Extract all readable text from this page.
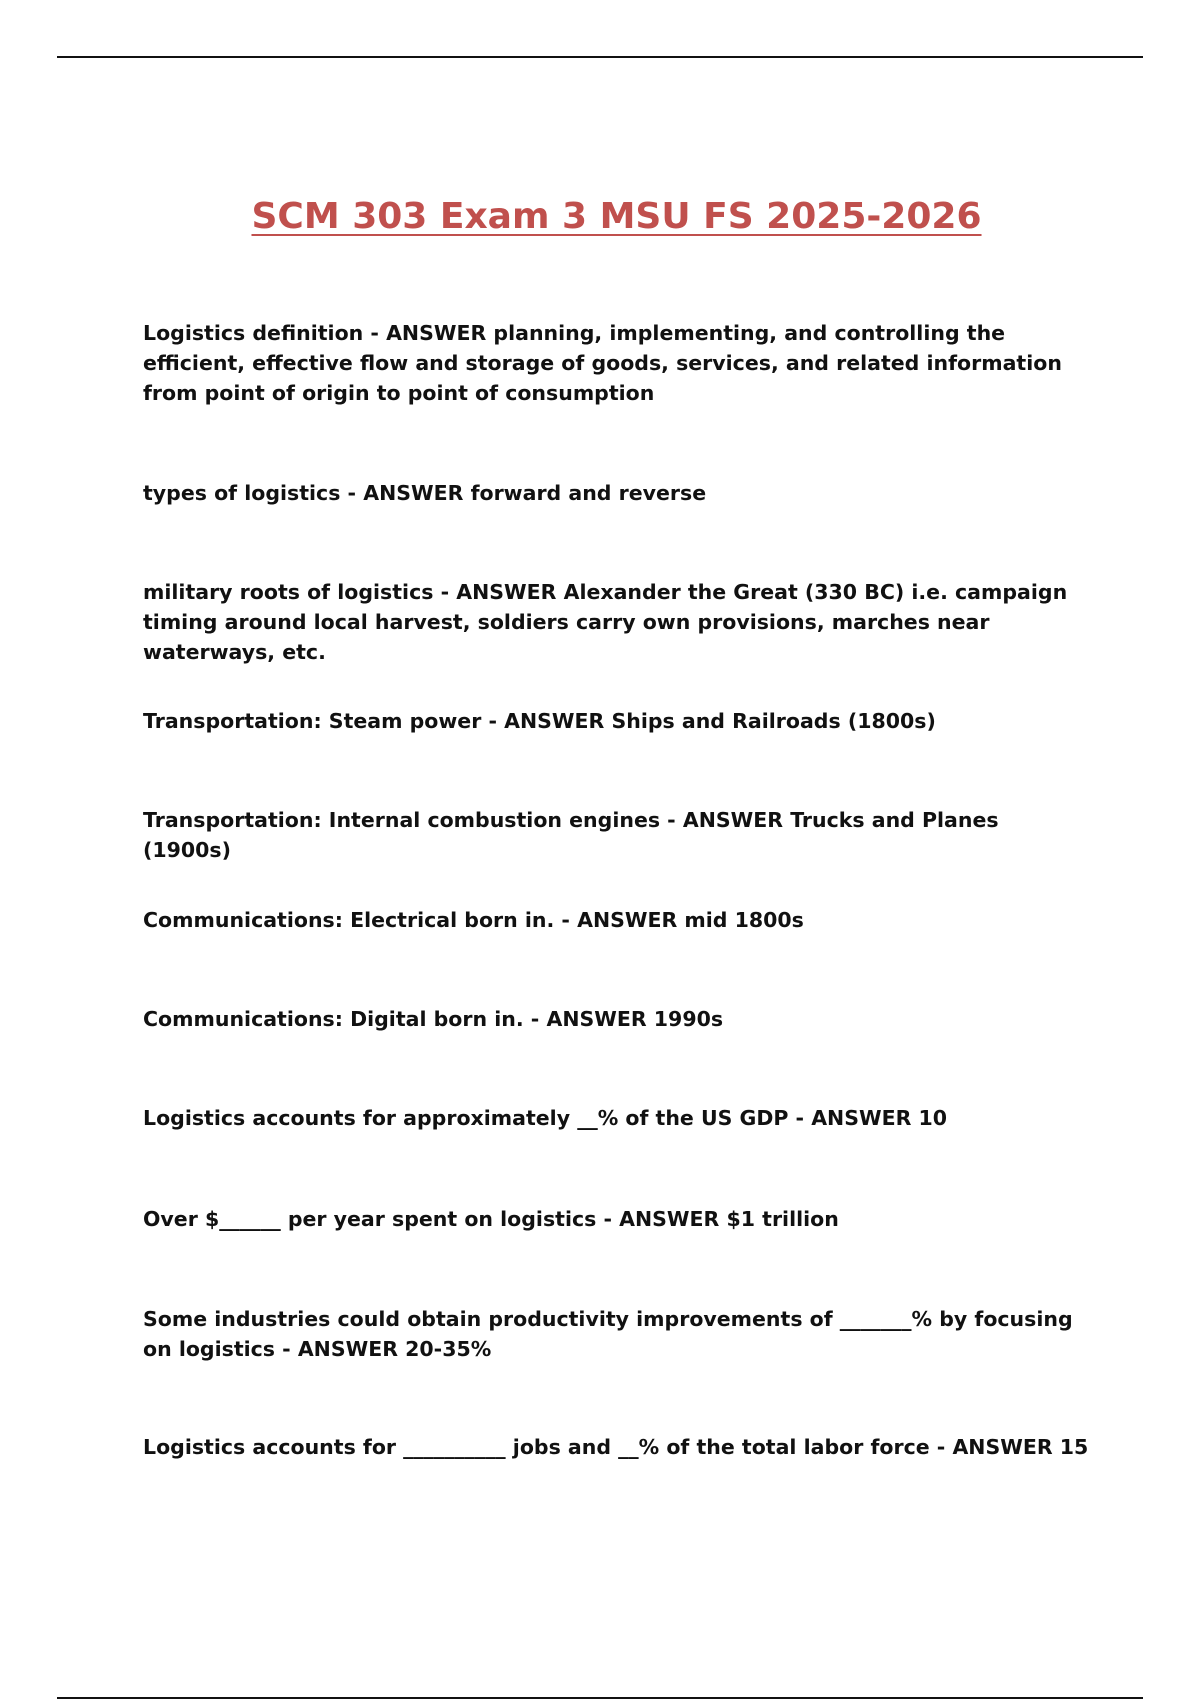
SCM 303 Exam 3 MSU FS 2025-2026

Logistics definition - ANSWER planning, implementing, and controlling the efficient, effective flow and storage of goods, services, and related information from point of origin to point of consumption

types of logistics - ANSWER forward and reverse

military roots of logistics - ANSWER Alexander the Great (330 BC) i.e. campaign timing around local harvest, soldiers carry own provisions, marches near waterways, etc.

Transportation: Steam power - ANSWER Ships and Railroads (1800s)

Transportation: Internal combustion engines - ANSWER Trucks and Planes (1900s)

Communications: Electrical born in. - ANSWER mid 1800s

Communications: Digital born in. - ANSWER 1990s

Logistics accounts for approximately __% of the US GDP - ANSWER 10

Over $______ per year spent on logistics - ANSWER $1 trillion

Some industries could obtain productivity improvements of _______% by focusing on logistics - ANSWER 20-35%

Logistics accounts for __________ jobs and __% of the total labor force - ANSWER 15
